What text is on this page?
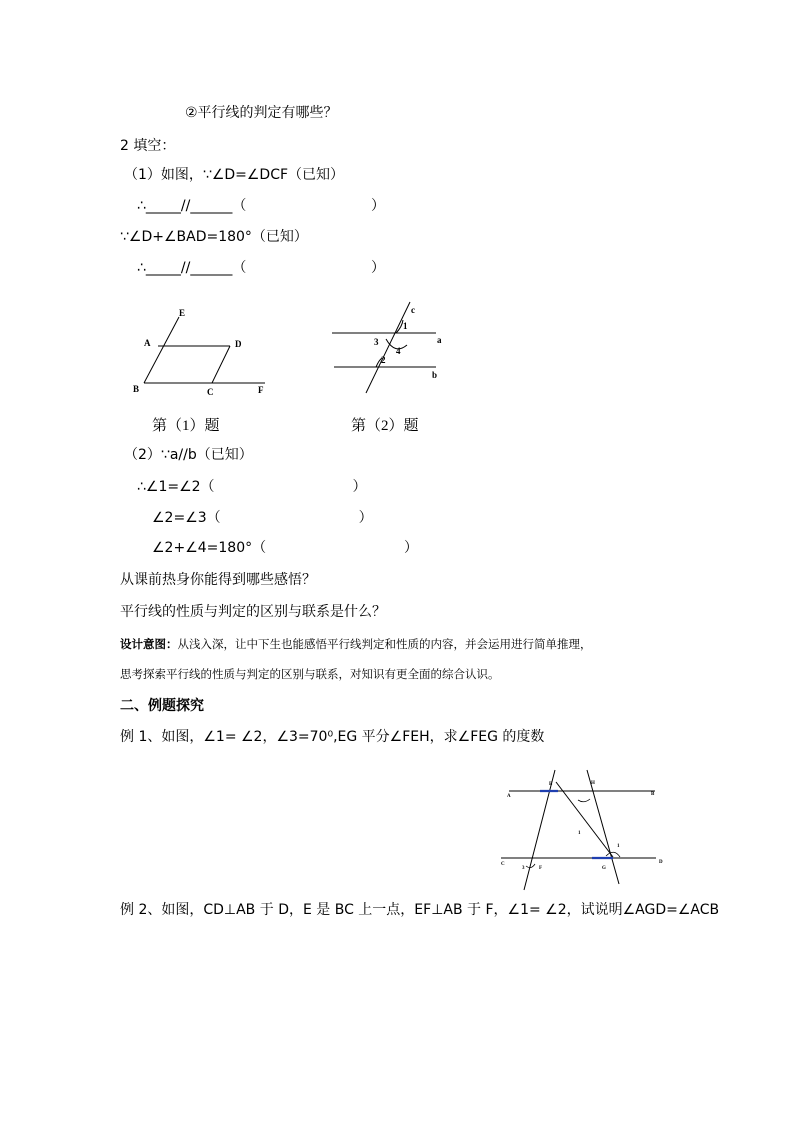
②平行线的判定有哪些？
2 填空：
（1）如图，∵∠D=∠DCF（已知）
∴_____//______（                            ）
∵∠D+∠BAD=180°（已知）
∴_____//______（                            ）
E
A	D
B	C	F
第（1）题
c
1
3
4
a
2
b
第（2）题
（2）∵a//b（已知）
∴∠1=∠2（                               ）
∠2=∠3（                               ）
∠2+∠4=180°（                               ）
从课前热身你能得到哪些感悟？
平行线的性质与判定的区别与联系是什么？
设计意图：从浅入深，让中下生也能感悟平行线判定和性质的内容，并会运用进行简单推理，
思考探索平行线的性质与判定的区别与联系，对知识有更全面的综合认识。
二、例题探究
例 1、如图，∠1= ∠2，∠3=70⁰,EG 平分∠FEH，求∠FEG 的度数
E	H
A	B
1
1
C
3	F	G
D
例 2、如图，CD⊥AB 于 D，E 是 BC 上一点，EF⊥AB 于 F，∠1= ∠2，试说明∠AGD=∠ACB
